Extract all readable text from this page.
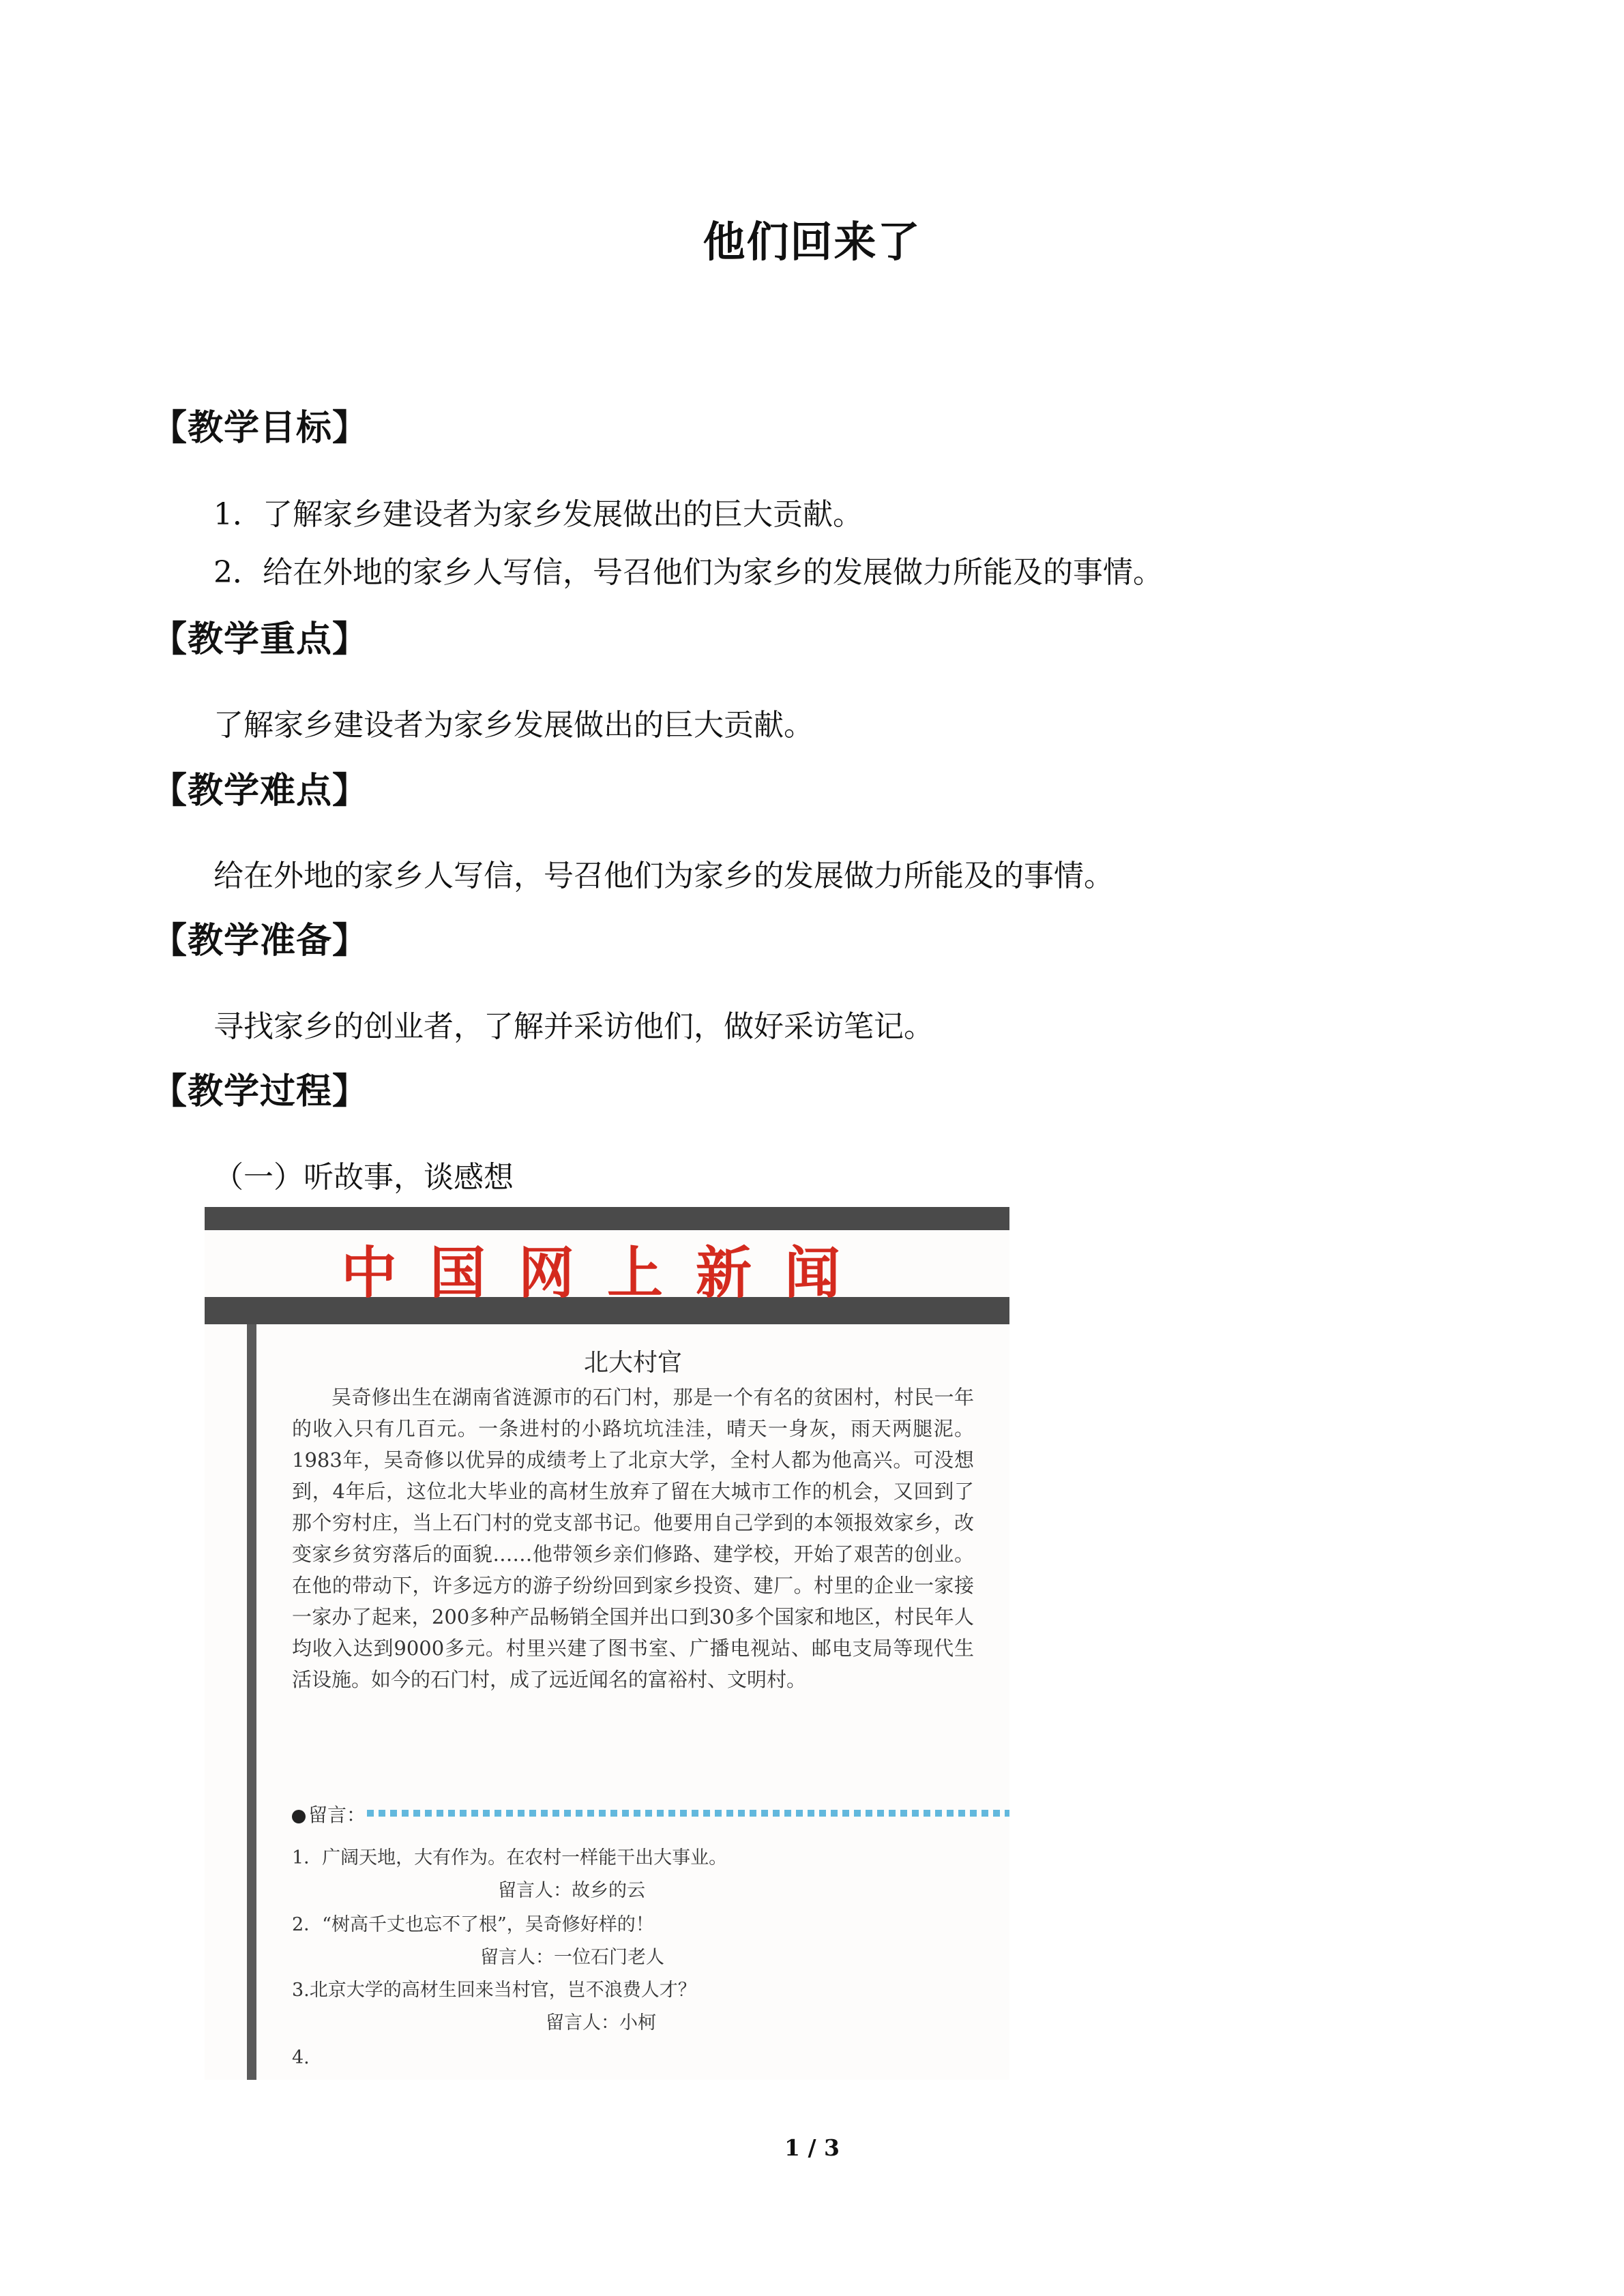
他们回来了
【教学目标】
1．了解家乡建设者为家乡发展做出的巨大贡献。
2．给在外地的家乡人写信，号召他们为家乡的发展做力所能及的事情。
【教学重点】
了解家乡建设者为家乡发展做出的巨大贡献。
【教学难点】
给在外地的家乡人写信，号召他们为家乡的发展做力所能及的事情。
【教学准备】
寻找家乡的创业者，了解并采访他们，做好采访笔记。
【教学过程】
（一）听故事，谈感想
中国网上新闻
北大村官
吴奇修出生在湖南省涟源市的石门村，那是一个有名的贫困村，村民一年的收入只有几百元。一条进村的小路坑坑洼洼，晴天一身灰，雨天两腿泥。1983年，吴奇修以优异的成绩考上了北京大学，全村人都为他高兴。可没想到，4年后，这位北大毕业的高材生放弃了留在大城市工作的机会，又回到了那个穷村庄，当上石门村的党支部书记。他要用自己学到的本领报效家乡，改变家乡贫穷落后的面貌……他带领乡亲们修路、建学校，开始了艰苦的创业。在他的带动下，许多远方的游子纷纷回到家乡投资、建厂。村里的企业一家接一家办了起来，200多种产品畅销全国并出口到30多个国家和地区，村民年人均收入达到9000多元。村里兴建了图书室、广播电视站、邮电支局等现代生活设施。如今的石门村，成了远近闻名的富裕村、文明村。
留言：
1．广阔天地，大有作为。在农村一样能干出大事业。
留言人：故乡的云
2．“树高千丈也忘不了根”，吴奇修好样的！
留言人：一位石门老人
3.北京大学的高材生回来当村官，岂不浪费人才？
留言人：小柯
4.
1 / 3
